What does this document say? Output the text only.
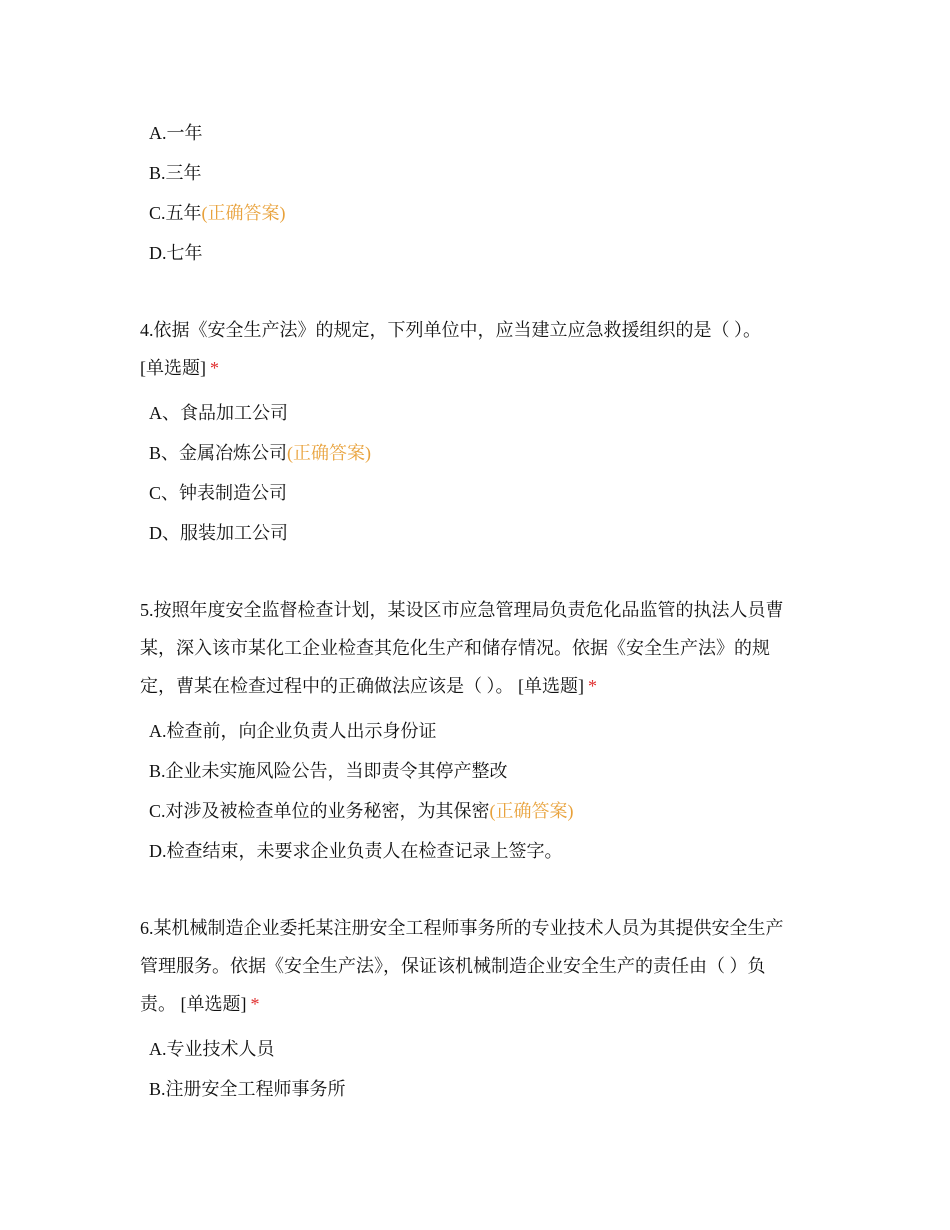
A.一年
B.三年
C.五年(正确答案)
D.七年
4.依据《安全生产法》的规定，下列单位中，应当建立应急救援组织的是（ ）。
[单选题] *
A、食品加工公司
B、金属冶炼公司(正确答案)
C、钟表制造公司
D、服装加工公司
5.按照年度安全监督检查计划，某设区市应急管理局负责危化品监管的执法人员曹
某，深入该市某化工企业检查其危化生产和储存情况。依据《安全生产法》的规
定，曹某在检查过程中的正确做法应该是（ ）。 [单选题] *
A.检查前，向企业负责人出示身份证
B.企业未实施风险公告，当即责令其停产整改
C.对涉及被检查单位的业务秘密，为其保密(正确答案)
D.检查结束，未要求企业负责人在检查记录上签字。
6.某机械制造企业委托某注册安全工程师事务所的专业技术人员为其提供安全生产
管理服务。依据《安全生产法》，保证该机械制造企业安全生产的责任由（ ）负
责。 [单选题] *
A.专业技术人员
B.注册安全工程师事务所
